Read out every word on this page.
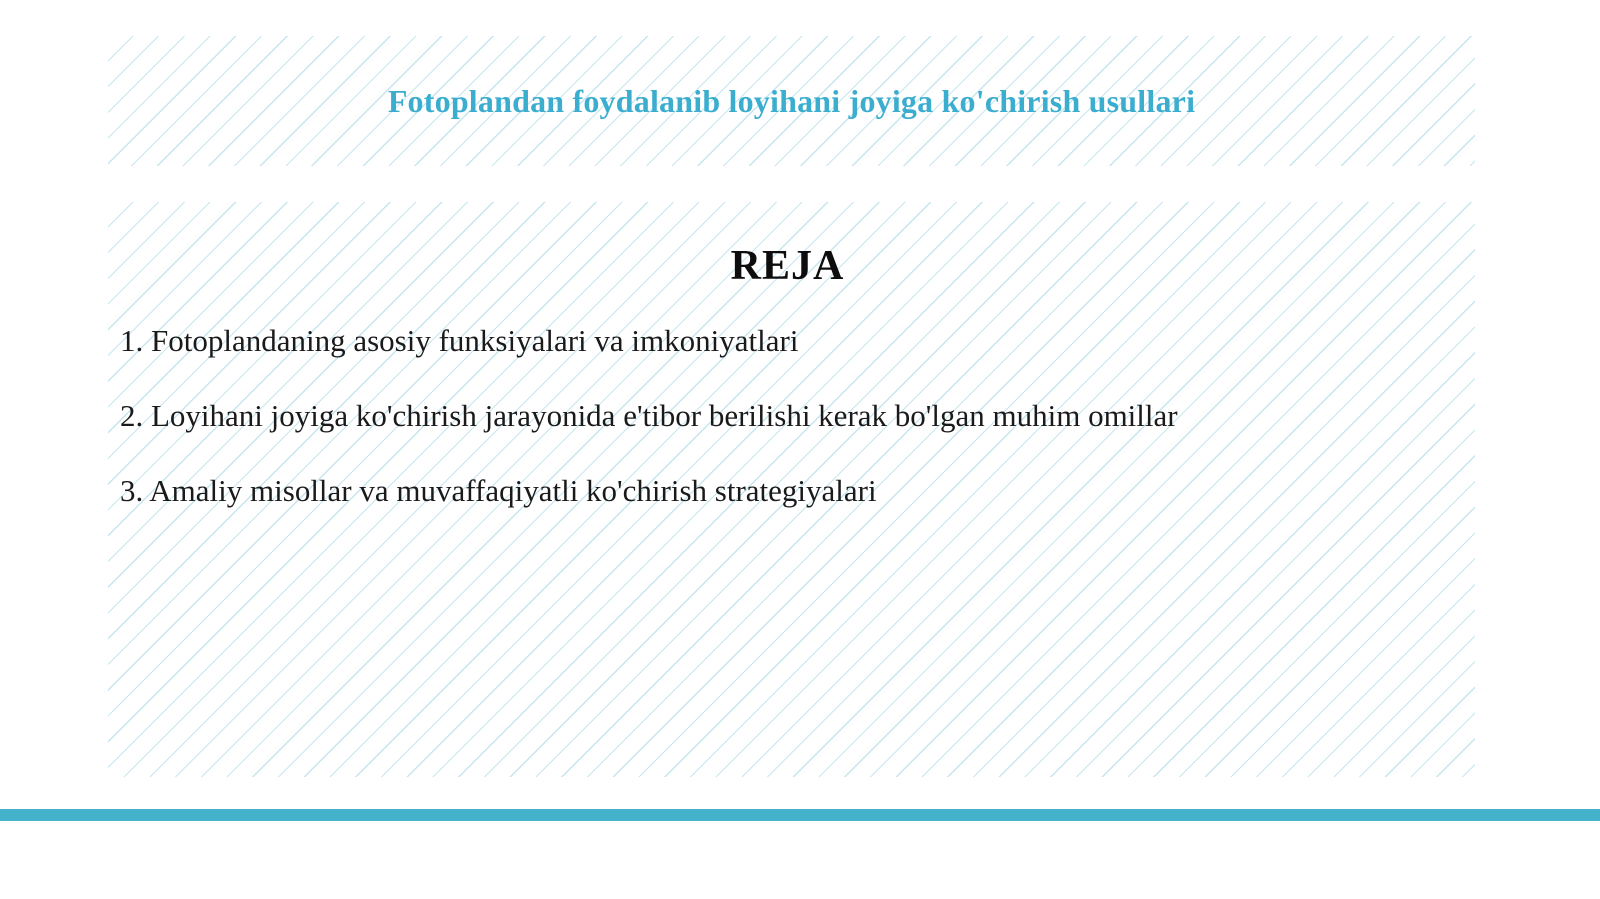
Fotoplandan foydalanib loyihani joyiga ko'chirish usullari
REJA

1. Fotoplandaning asosiy funksiyalari va imkoniyatlari

2. Loyihani joyiga ko'chirish jarayonida e'tibor berilishi kerak bo'lgan muhim omillar

3. Amaliy misollar va muvaffaqiyatli ko'chirish strategiyalari
